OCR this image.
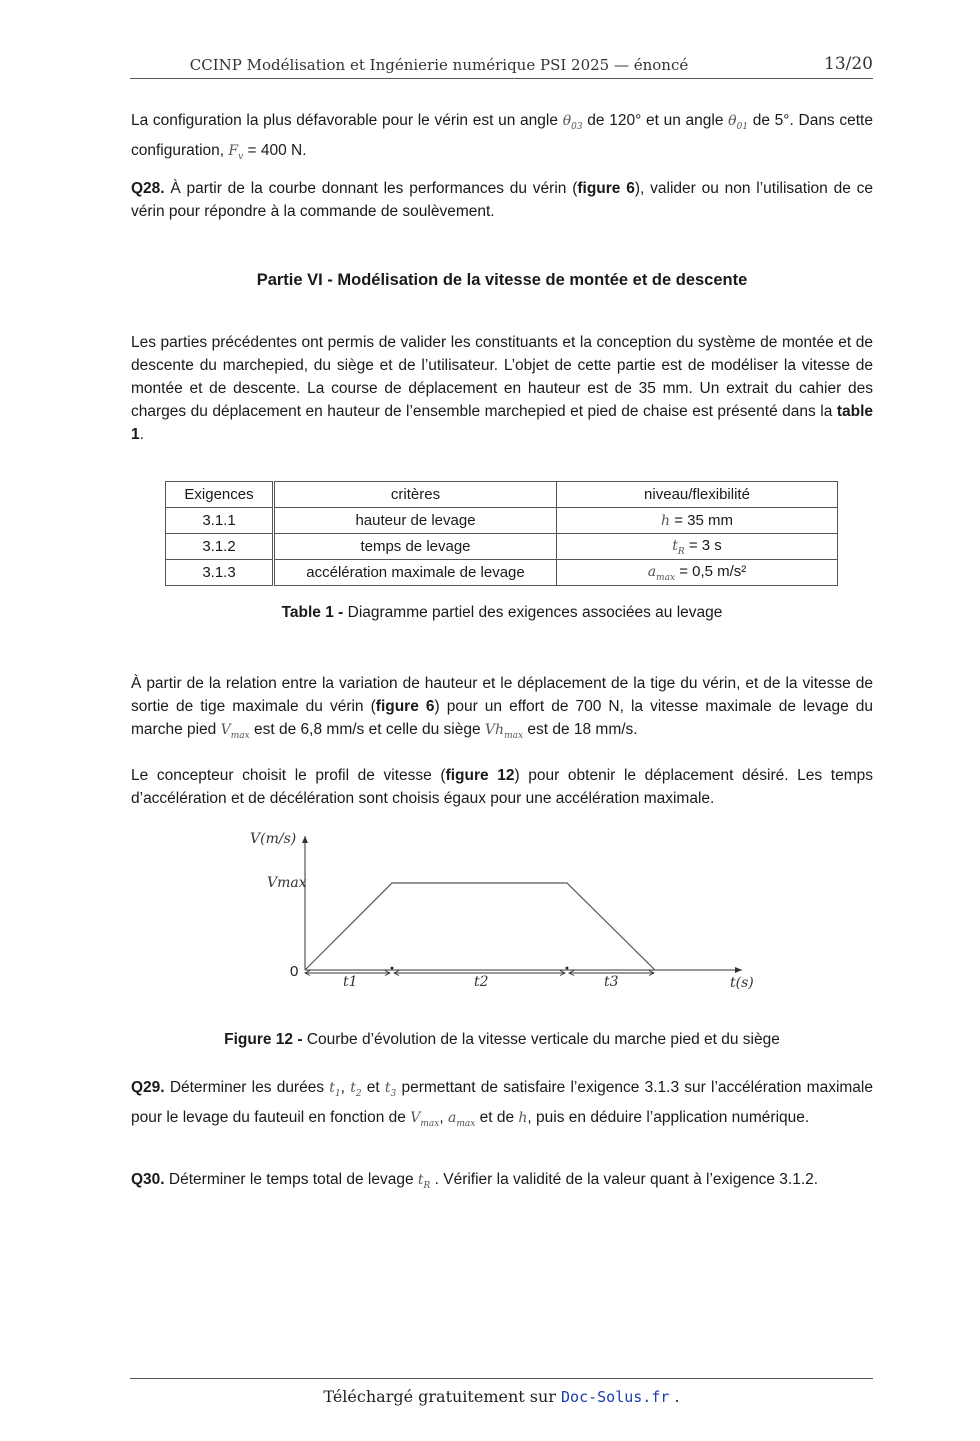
CCINP Modélisation et Ingénierie numérique PSI 2025 — énoncé	13/20
La configuration la plus défavorable pour le vérin est un angle $\theta_{03}$ de 120° et un angle $\theta_{01}$ de 5°. Dans cette configuration, $F_v = 400$ N.
Q28. À partir de la courbe donnant les performances du vérin (figure 6), valider ou non l’utilisation de ce vérin pour répondre à la commande de soulèvement.
Partie VI - Modélisation de la vitesse de montée et de descente
Les parties précédentes ont permis de valider les constituants et la conception du système de montée et de descente du marchepied, du siège et de l’utilisateur. L’objet de cette partie est de modéliser la vitesse de montée et de descente. La course de déplacement en hauteur est de 35 mm. Un extrait du cahier des charges du déplacement en hauteur de l’ensemble marchepied et pied de chaise est présenté dans la table 1.
Exigences	critères	niveau/flexibilité
3.1.1	hauteur de levage	h = 35 mm
3.1.2	temps de levage	$t_R = 3$ s
3.1.3	accélération maximale de levage	$a_{max} = 0,5$ m/s²
Table 1 - Diagramme partiel des exigences associées au levage
À partir de la relation entre la variation de hauteur et le déplacement de la tige du vérin, et de la vitesse de sortie de tige maximale du vérin (figure 6) pour un effort de 700 N, la vitesse maximale de levage du marche pied $V_{max}$ est de 6,8 mm/s et celle du siège $Vh_{max}$ est de 18 mm/s.
Le concepteur choisit le profil de vitesse (figure 12) pour obtenir le déplacement désiré. Les temps d’accélération et de décélération sont choisis égaux pour une accélération maximale.
V(m/s)
Vmax
0
t1	t2	t3	t(s)
Figure 12 - Courbe d’évolution de la vitesse verticale du marche pied et du siège
Q29. Déterminer les durées $t_1$, $t_2$ et $t_3$ permettant de satisfaire l’exigence 3.1.3 sur l’accélération maximale pour le levage du fauteuil en fonction de $V_{max}$, $a_{max}$ et de h, puis en déduire l’application numérique.
Q30. Déterminer le temps total de levage $t_R$ . Vérifier la validité de la valeur quant à l’exigence 3.1.2.
Téléchargé gratuitement sur Doc-Solus.fr .
